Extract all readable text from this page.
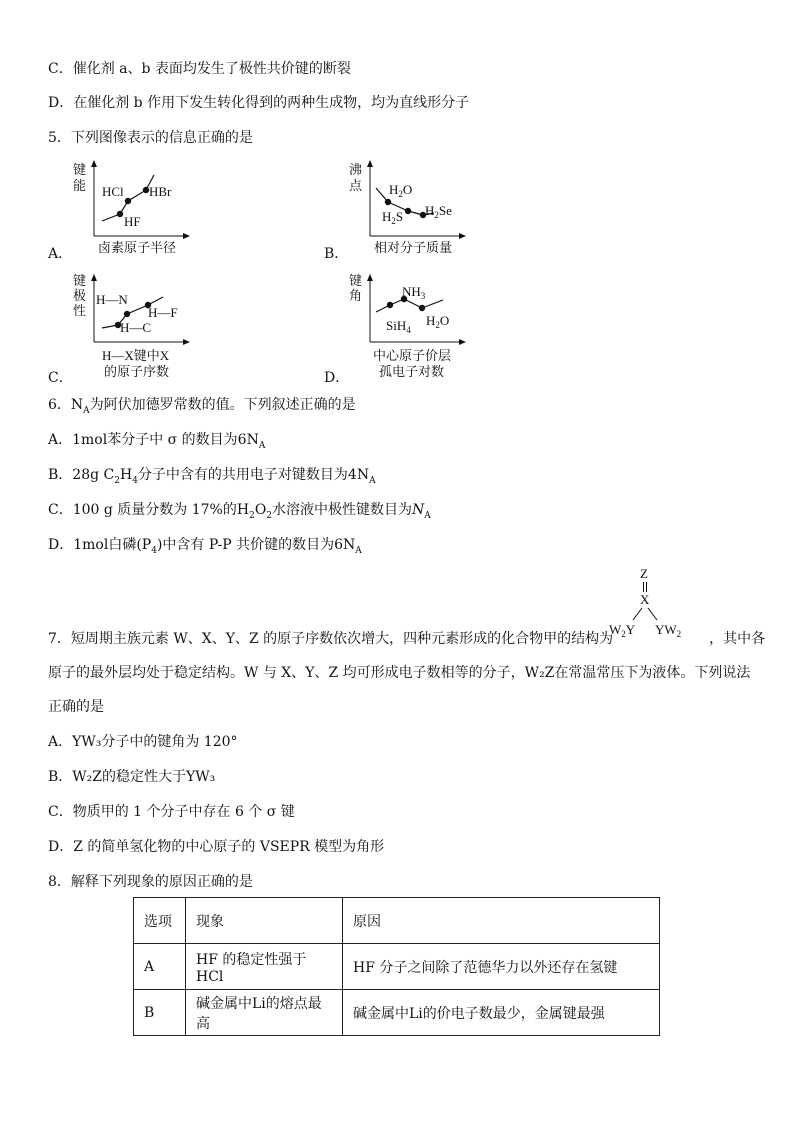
C．催化剂 a、b 表面均发生了极性共价键的断裂
D．在催化剂 b 作用下发生转化得到的两种生成物，均为直线形分子
5．下列图像表示的信息正确的是
A．
键
能 HCl HBr
HF
卤素原子半径	B．
沸
点 $H_2O$
$H_2S$ $H_2Se$
相对分子质量
C．
键
极
性
H—N
H—F
H—C
H—X键中X
的原子序数	D．
键
角	$NH_3$
SiH$_4$
$H_2O$
中心原子价层
孤电子对数
6．$N_A$为阿伏加德罗常数的值。下列叙述正确的是
A．1mol苯分子中 σ 的数目为$6N_A$
B．28g $C_2H_4$分子中含有的共用电子对键数目为$4N_A$
C．100 g 质量分数为 17%的$H_2O_2$水溶液中极性键数目为$N_A$
D．1mol白磷$(P_4)$中含有 P-P 共价键的数目为$6N_A$
Z
X
$W_2Y$ $YW_2$
7．短周期主族元素 W、X、Y、Z 的原子序数依次增大，四种元素形成的化合物甲的结构为	，其中各
原子的最外层均处于稳定结构。W 与 X、Y、Z 均可形成电子数相等的分子，W₂Z在常温常压下为液体。下列说法
正确的是
A．YW₃分子中的键角为 120°
B．W₂Z的稳定性大于YW₃
C．物质甲的 1 个分子中存在 6 个 σ 键
D．Z 的简单氢化物的中心原子的 VSEPR 模型为角形
8．解释下列现象的原因正确的是
选项	现象	原因
A	HF 的稳定性强于 HCl	HF 分子之间除了范德华力以外还存在氢键
B	碱金属中Li的熔点最高	碱金属中Li的价电子数最少，金属键最强
